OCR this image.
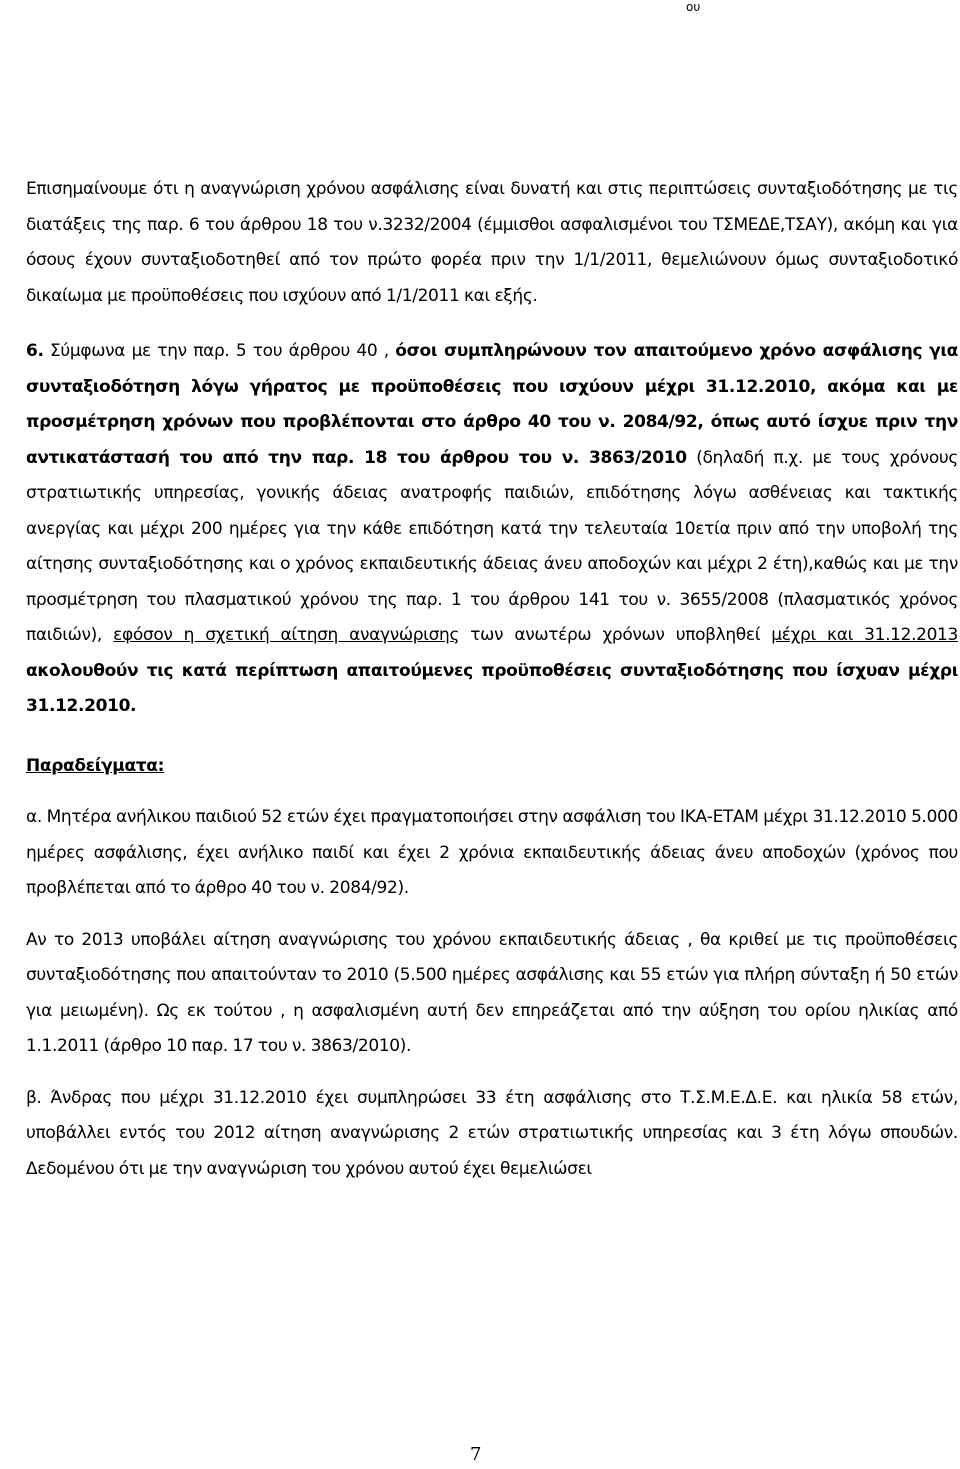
ου

Επισημαίνουμε ότι η αναγνώριση χρόνου ασφάλισης είναι δυνατή και στις περιπτώσεις συνταξιοδότησης με τις διατάξεις της παρ. 6 του άρθρου 18 του ν.3232/2004 (έμμισθοι ασφαλισμένοι του ΤΣΜΕΔΕ,ΤΣΑΥ), ακόμη και για όσους έχουν συνταξιοδοτηθεί από τον πρώτο φορέα πριν την 1/1/2011, θεμελιώνουν όμως συνταξιοδοτικό δικαίωμα με προϋποθέσεις που ισχύουν από 1/1/2011 και εξής.

6. Σύμφωνα με την παρ. 5 του άρθρου 40 , όσοι συμπληρώνουν τον απαιτούμενο χρόνο ασφάλισης για συνταξιοδότηση λόγω γήρατος με προϋποθέσεις που ισχύουν μέχρι 31.12.2010, ακόμα και με προσμέτρηση χρόνων που προβλέπονται στο άρθρο 40 του ν. 2084/92, όπως αυτό ίσχυε πριν την αντικατάστασή του από την παρ. 18 του άρθρου του ν. 3863/2010 (δηλαδή π.χ. με τους χρόνους στρατιωτικής υπηρεσίας, γονικής άδειας ανατροφής παιδιών, επιδότησης λόγω ασθένειας και τακτικής ανεργίας και μέχρι 200 ημέρες για την κάθε επιδότηση κατά την τελευταία 10ετία πριν από την υποβολή της αίτησης συνταξιοδότησης και ο χρόνος εκπαιδευτικής άδειας άνευ αποδοχών και μέχρι 2 έτη),καθώς και με την προσμέτρηση του πλασματικού χρόνου της παρ. 1 του άρθρου 141 του ν. 3655/2008 (πλασματικός χρόνος παιδιών), εφόσον η σχετική αίτηση αναγνώρισης των ανωτέρω χρόνων υποβληθεί μέχρι και 31.12.2013 ακολουθούν τις κατά περίπτωση απαιτούμενες προϋποθέσεις συνταξιοδότησης που ίσχυαν μέχρι 31.12.2010.

Παραδείγματα:

α. Μητέρα ανήλικου παιδιού 52 ετών έχει πραγματοποιήσει στην ασφάλιση του ΙΚΑ-ΕΤΑΜ μέχρι 31.12.2010 5.000 ημέρες ασφάλισης, έχει ανήλικο παιδί και έχει 2 χρόνια εκπαιδευτικής άδειας άνευ αποδοχών (χρόνος που προβλέπεται από το άρθρο 40 του ν. 2084/92).

Αν το 2013 υποβάλει αίτηση αναγνώρισης του χρόνου εκπαιδευτικής άδειας , θα κριθεί με τις προϋποθέσεις συνταξιοδότησης που απαιτούνταν το 2010 (5.500 ημέρες ασφάλισης και 55 ετών για πλήρη σύνταξη ή 50 ετών για μειωμένη). Ως εκ τούτου , η ασφαλισμένη αυτή δεν επηρεάζεται από την αύξηση του ορίου ηλικίας από 1.1.2011 (άρθρο 10 παρ. 17 του ν. 3863/2010).

β. Άνδρας που μέχρι 31.12.2010 έχει συμπληρώσει 33 έτη ασφάλισης στο Τ.Σ.Μ.Ε.Δ.Ε. και ηλικία 58 ετών, υποβάλλει εντός του 2012 αίτηση αναγνώρισης 2 ετών στρατιωτικής υπηρεσίας και 3 έτη λόγω σπουδών. Δεδομένου ότι με την αναγνώριση του χρόνου αυτού έχει θεμελιώσει

7
